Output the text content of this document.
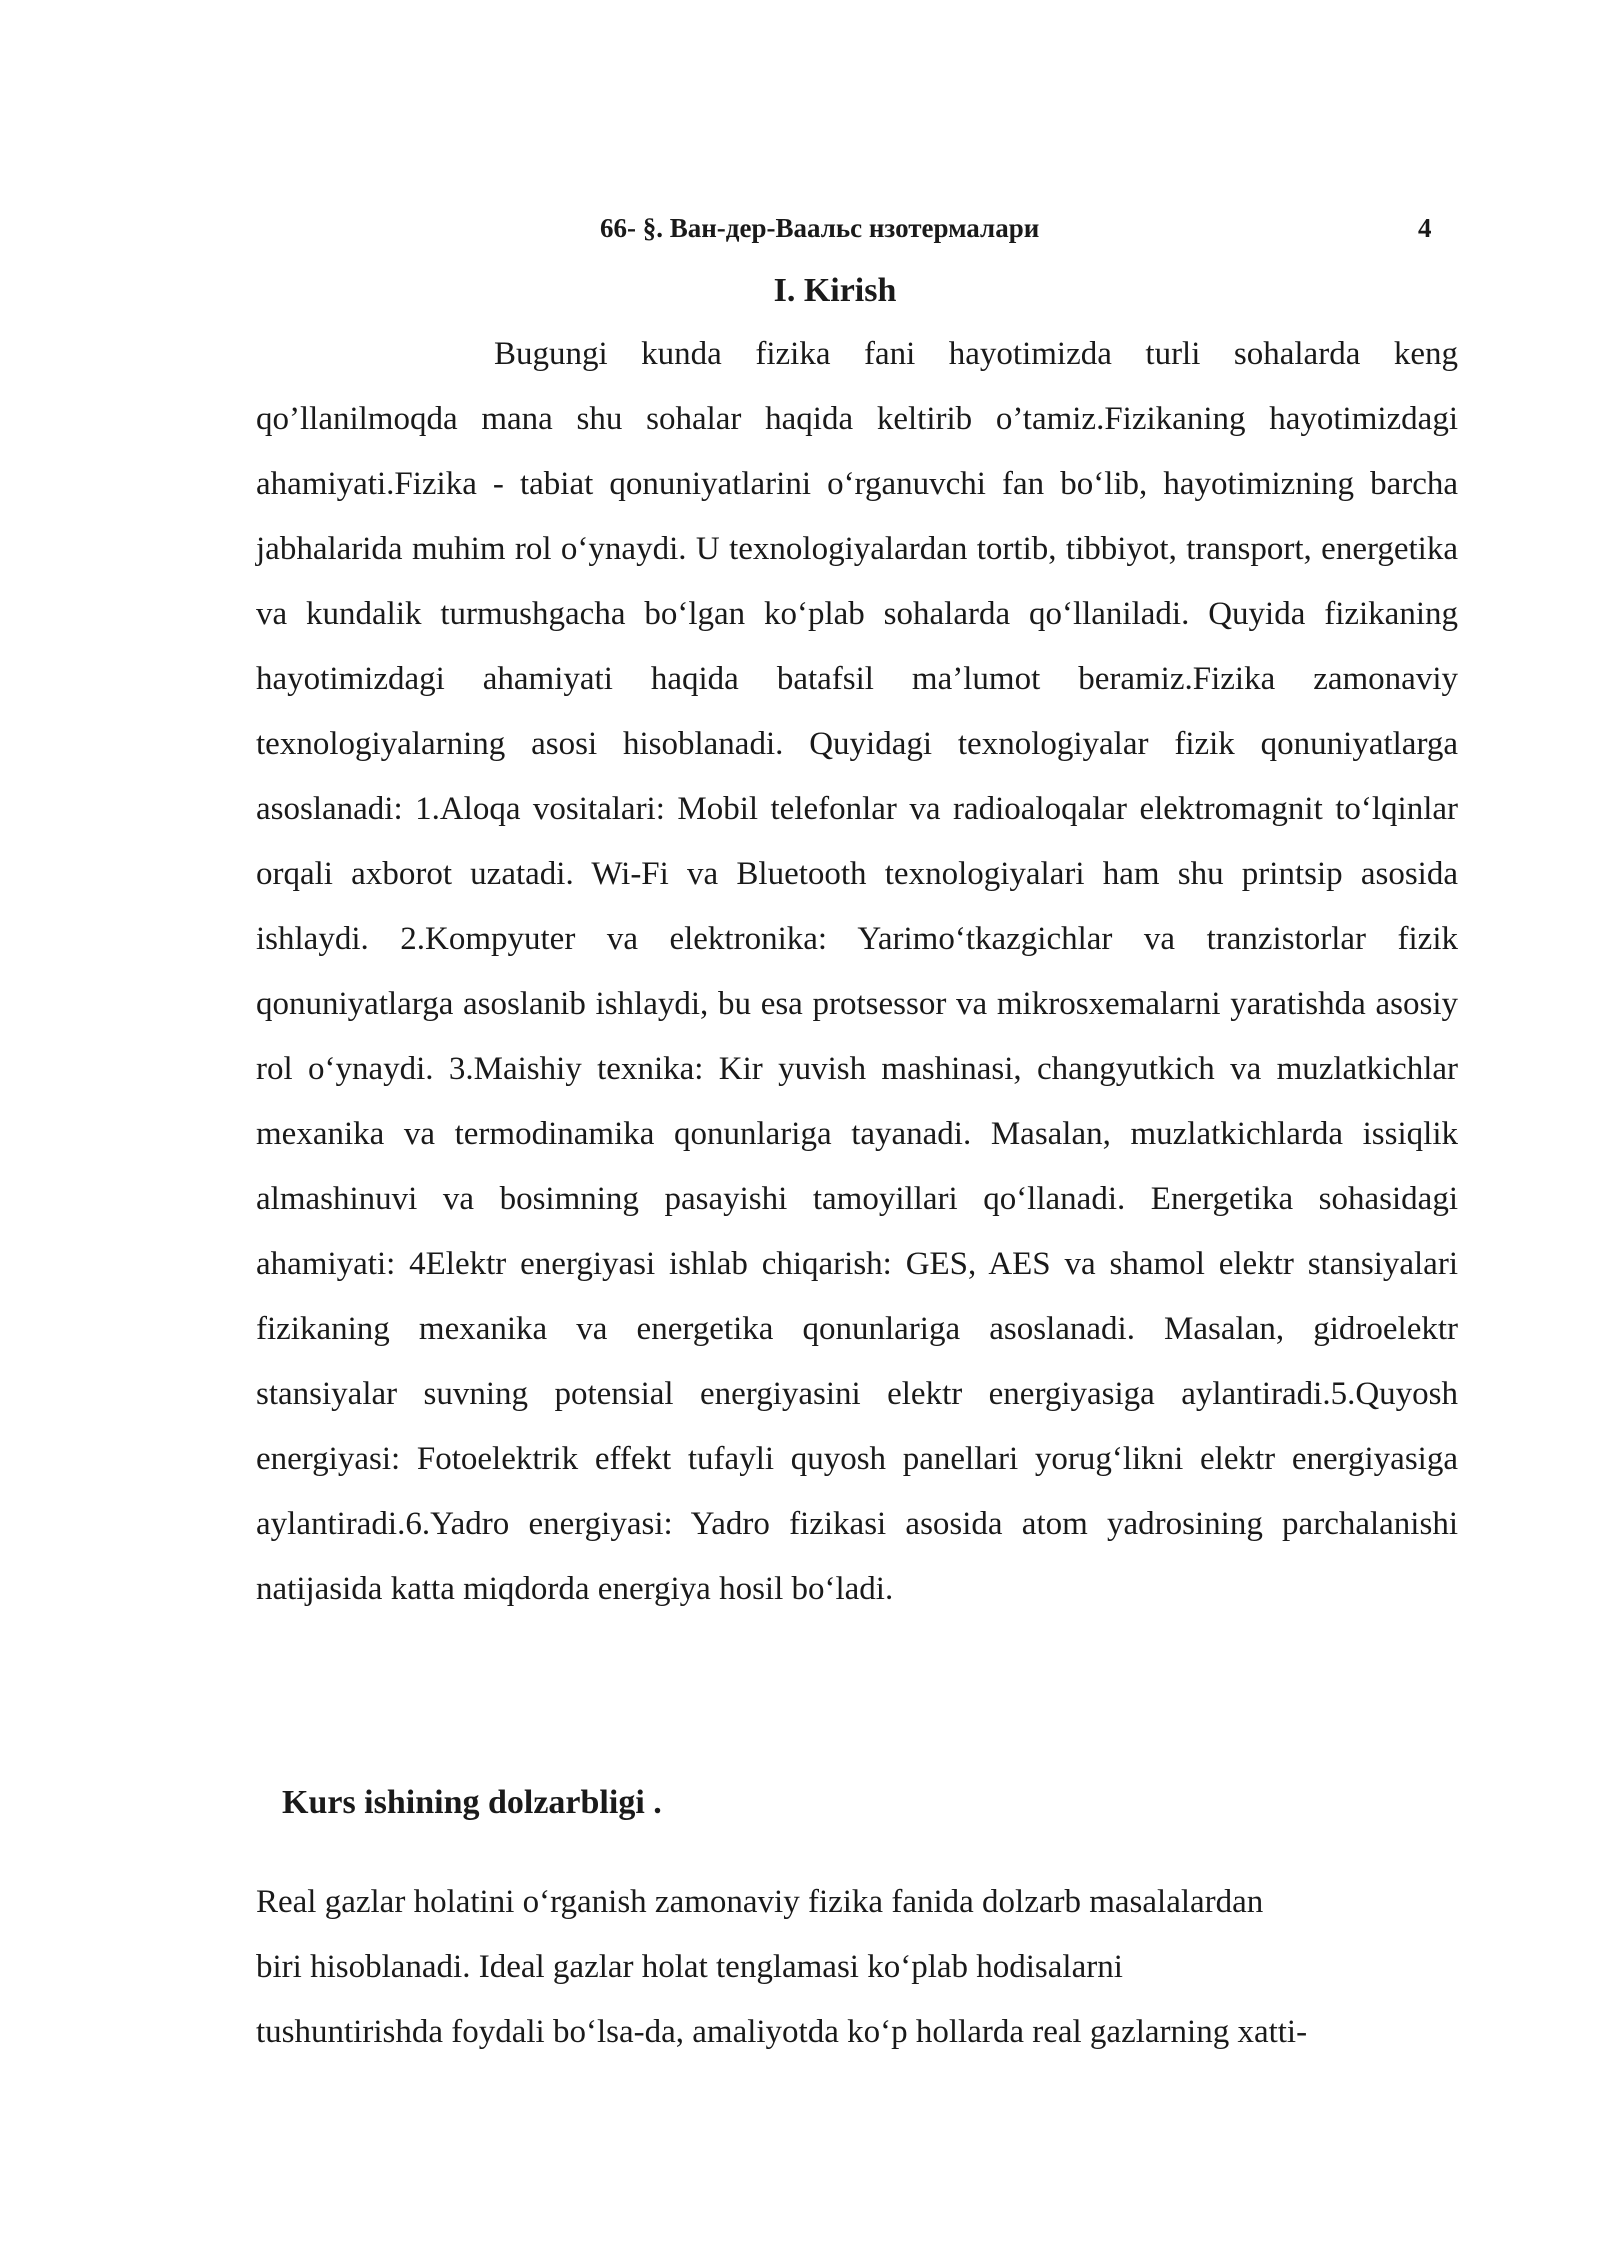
66- §. Ван-дер-Ваальс нзотермалари	4
I. Kirish

Bugungi kunda fizika fani hayotimizda turli sohalarda keng qo’llanilmoqda mana shu sohalar haqida keltirib o’tamiz.Fizikaning hayotimizdagi ahamiyati.Fizika - tabiat qonuniyatlarini o‘rganuvchi fan bo‘lib, hayotimizning barcha jabhalarida muhim rol o‘ynaydi. U texnologiyalardan tortib, tibbiyot, transport, energetika va kundalik turmushgacha bo‘lgan ko‘plab sohalarda qo‘llaniladi. Quyida fizikaning hayotimizdagi ahamiyati haqida batafsil ma’lumot beramiz.Fizika zamonaviy texnologiyalarning asosi hisoblanadi. Quyidagi texnologiyalar fizik qonuniyatlarga asoslanadi: 1.Aloqa vositalari: Mobil telefonlar va radioaloqalar elektromagnit to‘lqinlar orqali axborot uzatadi. Wi-Fi va Bluetooth texnologiyalari ham shu printsip asosida ishlaydi. 2.Kompyuter va elektronika: Yarimo‘tkazgichlar va tranzistorlar fizik qonuniyatlarga asoslanib ishlaydi, bu esa protsessor va mikrosxemalarni yaratishda asosiy rol o‘ynaydi. 3.Maishiy texnika: Kir yuvish mashinasi, changyutkich va muzlatkichlar mexanika va termodinamika qonunlariga tayanadi. Masalan, muzlatkichlarda issiqlik almashinuvi va bosimning pasayishi tamoyillari qo‘llanadi. Energetika sohasidagi ahamiyati: 4Elektr energiyasi ishlab chiqarish: GES, AES va shamol elektr stansiyalari fizikaning mexanika va energetika qonunlariga asoslanadi. Masalan, gidroelektr stansiyalar suvning potensial energiyasini elektr energiyasiga aylantiradi.5.Quyosh energiyasi: Fotoelektrik effekt tufayli quyosh panellari yorug‘likni elektr energiyasiga aylantiradi.6.Yadro energiyasi: Yadro fizikasi asosida atom yadrosining parchalanishi natijasida katta miqdorda energiya hosil bo‘ladi.

Kurs ishining dolzarbligi .
Real gazlar holatini o‘rganish zamonaviy fizika fanida dolzarb masalalardan
biri hisoblanadi. Ideal gazlar holat tenglamasi ko‘plab hodisalarni
tushuntirishda foydali bo‘lsa-da, amaliyotda ko‘p hollarda real gazlarning xatti-
